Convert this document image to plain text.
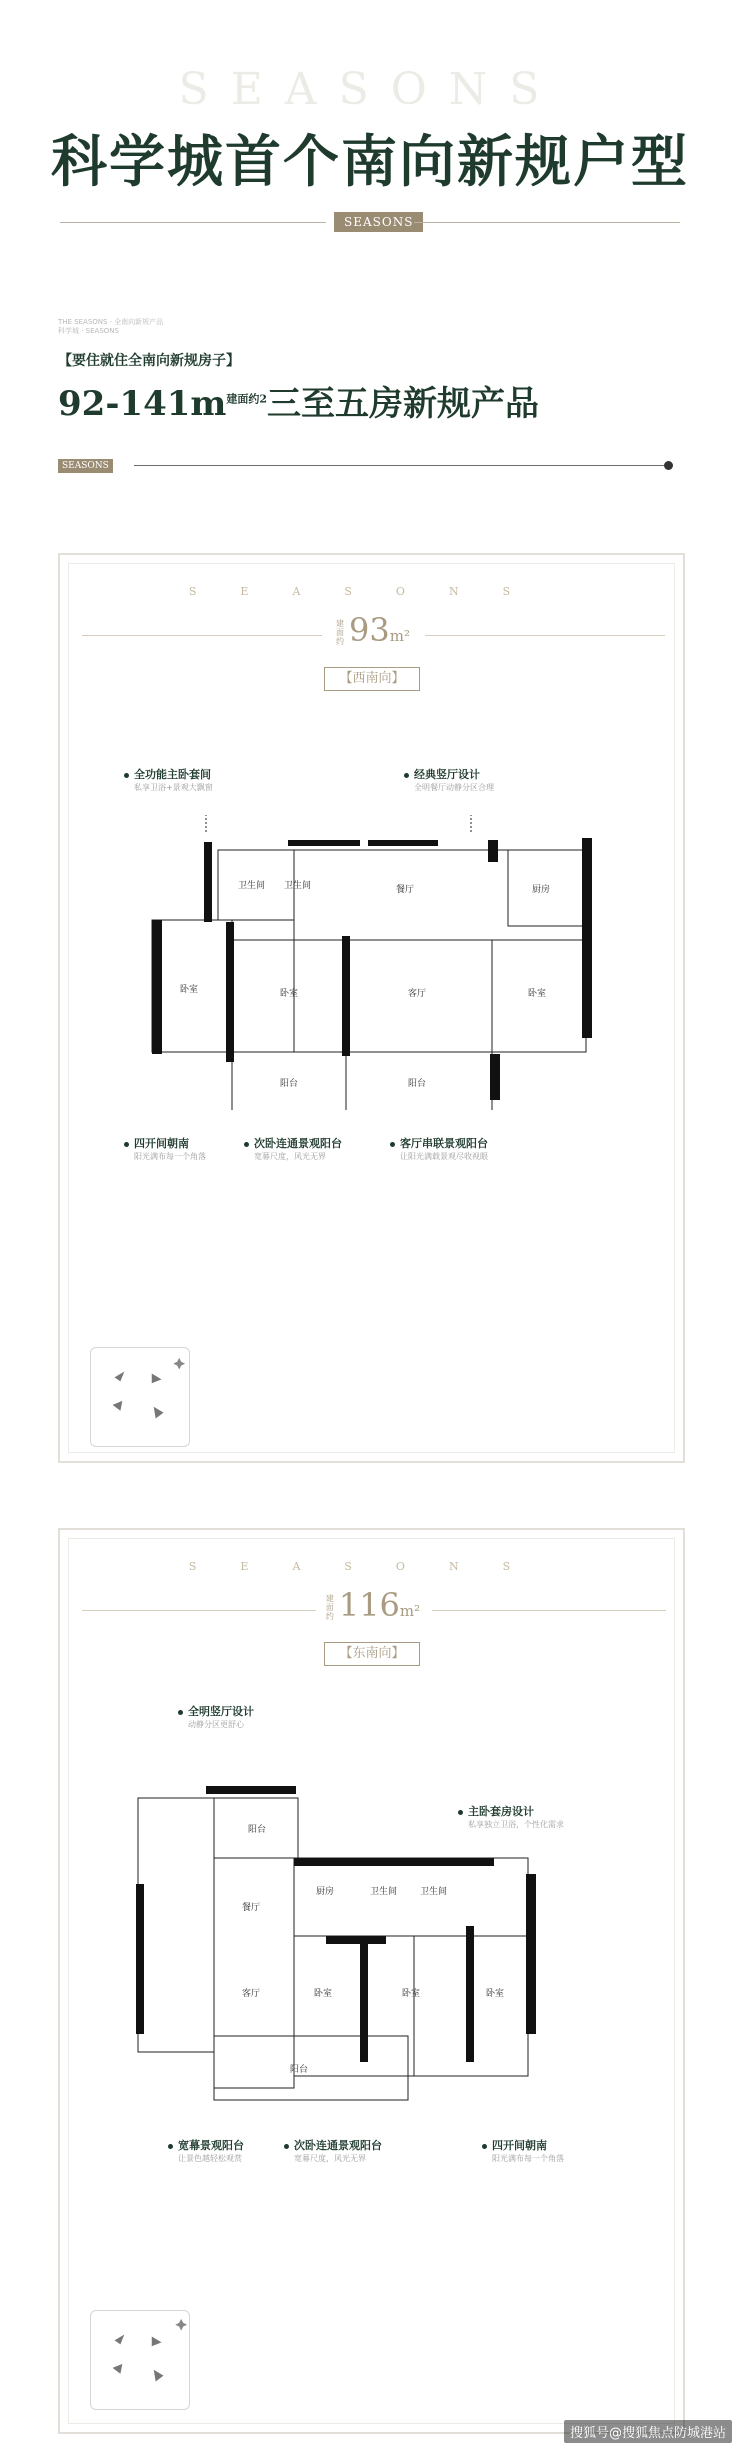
SEASONS
科学城首个南向新规户型
SEASONS
THE SEASONS · 全南向新规产品
科学城 · SEASONS
【要住就住全南向新规房子】
$92-141m^{建面约2}$三至五房新规产品
SEASONS
SEASONS
建面约 93m²
【西南向】
全功能主卧套间
私享卫浴+景观大飘窗
经典竖厅设计
全明餐厅动静分区合理
卫生间 卫生间	餐厅	厨房
卧室	卧室	客厅	卧室
阳台	阳台
四开间朝南
阳光满布每一个角落
次卧连通景观阳台
宽幕尺度，风光无界
客厅串联景观阳台
让阳光满载景观尽收视眼
SEASONS
建面约 116m²
【东南向】
全明竖厅设计
动静分区更舒心
主卧套房设计
私享独立卫浴，个性化需求
阳台
餐厅
厨房	卫生间	卫生间
客厅	卧室	卧室	卧室
阳台
宽幕景观阳台
让景色越轻松观赏
次卧连通景观阳台
宽幕尺度，风光无界
四开间朝南
阳光满布每一个角落
搜狐号@搜狐焦点防城港站
